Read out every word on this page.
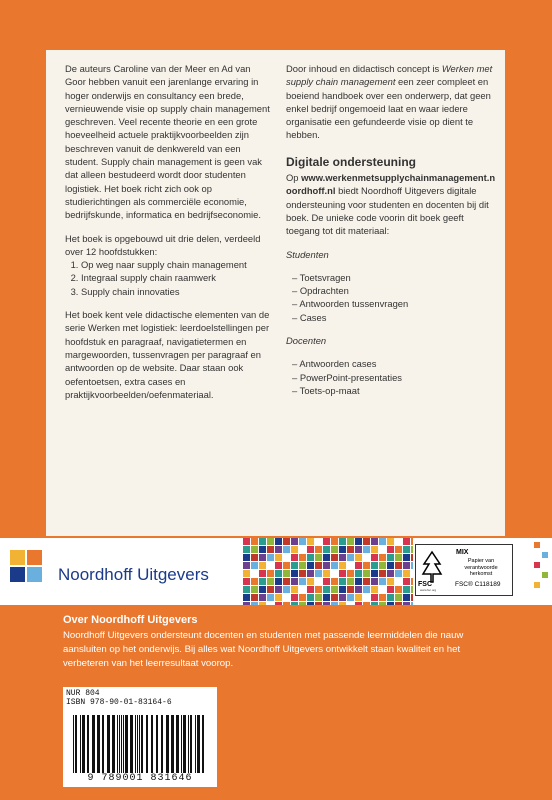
De auteurs Caroline van der Meer en Ad van Goor hebben vanuit een jarenlange ervaring in hoger onderwijs en consultancy een brede, vernieuwende visie op supply chain management geschreven. Veel recente theorie en een grote hoeveelheid actuele praktijkvoorbeelden zijn beschreven vanuit de denkwereld van een student. Supply chain management is geen vak dat alleen bestudeerd wordt door studenten logistiek. Het boek richt zich ook op studierichtingen als commerciële economie, bedrijfskunde, informatica en bedrijfseconomie.

Het boek is opgebouwd uit drie delen, verdeeld over 12 hoofdstukken:

1. Op weg naar supply chain management
2. Integraal supply chain raamwerk
3. Supply chain innovaties

Het boek kent vele didactische elementen van de serie Werken met logistiek: leerdoelstellingen per hoofdstuk en paragraaf, navigatietermen en margewoorden, tussenvragen per paragraaf en antwoorden op de website. Daar staan ook oefentoetsen, extra cases en praktijkvoorbeelden/oefenmateriaal.

Door inhoud en didactisch concept is Werken met supply chain management een zeer compleet en boeiend handboek over een onderwerp, dat geen enkel bedrijf ongemoeid laat en waar iedere organisatie een gefundeerde visie op dient te hebben.

Digitale ondersteuning

Op www.werkenmetsupplychainmanagement.noordhoff.nl biedt Noordhoff Uitgevers digitale ondersteuning voor studenten en docenten bij dit boek. De unieke code voorin dit boek geeft toegang tot dit materiaal:

Studenten

– Toetsvragen
– Opdrachten
– Antwoorden tussenvragen
– Cases

Docenten

– Antwoorden cases
– PowerPoint-presentaties
– Toets-op-maat
Noordhoff Uitgevers
FSC
www.fsc.org
MIX
Papier van verantwoorde herkomst
FSC® C118189
Over Noordhoff Uitgevers
Noordhoff Uitgevers ondersteunt docenten en studenten met passende leermiddelen die nauw aansluiten op het onderwijs. Bij alles wat Noordhoff Uitgevers ontwikkelt staan kwaliteit en het verbeteren van het leerresultaat voorop.
NUR 804
ISBN 978-90-01-83164-6
9 789001 831646
